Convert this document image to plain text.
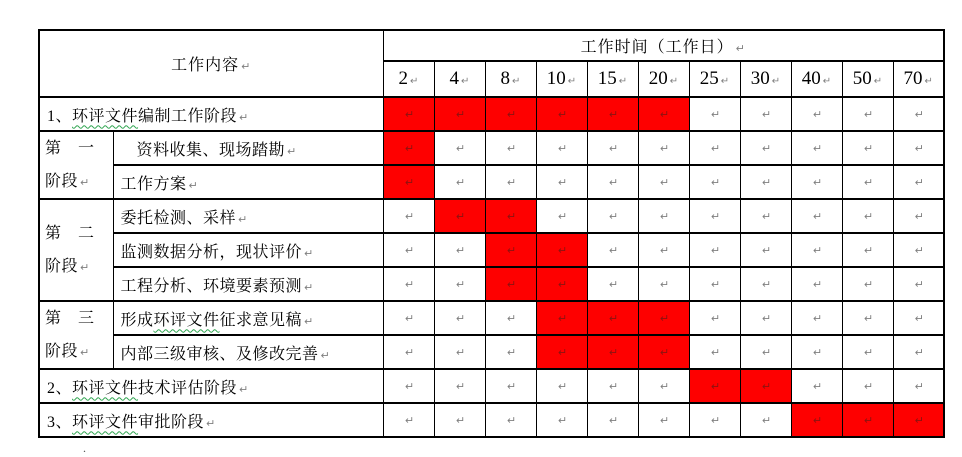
工作内容 ↵		工作时间（工作日） ↵										
		2 ↵	4 ↵	8 ↵	10 ↵	15 ↵	20 ↵	25 ↵	30 ↵	40 ↵	50 ↵	70 ↵
1、环评文件编制工作阶段 ↵		↵	↵	↵	↵	↵	↵	↵	↵	↵	↵	↵

第　一
阶段 ↵	资料收集、现场踏勘 ↵	↵	↵	↵	↵	↵	↵	↵	↵	↵	↵	↵
	工作方案 ↵	↵	↵	↵	↵	↵	↵	↵	↵	↵	↵	↵

第　二
阶段 ↵	委托检测、采样 ↵	↵	↵	↵	↵	↵	↵	↵	↵	↵	↵	↵
	监测数据分析，现状评价 ↵	↵	↵	↵	↵	↵	↵	↵	↵	↵	↵	↵
	工程分析、环境要素预测 ↵	↵	↵	↵	↵	↵	↵	↵	↵	↵	↵	↵

第　三
阶段 ↵	形成环评文件征求意见稿 ↵	↵	↵	↵	↵	↵	↵	↵	↵	↵	↵	↵
	内部三级审核、及修改完善 ↵	↵	↵	↵	↵	↵	↵	↵	↵	↵	↵	↵
2、环评文件技术评估阶段 ↵		↵	↵	↵	↵	↵	↵	↵	↵	↵	↵	↵
3、环评文件审批阶段 ↵		↵	↵	↵	↵	↵	↵	↵	↵	↵	↵	↵
.
